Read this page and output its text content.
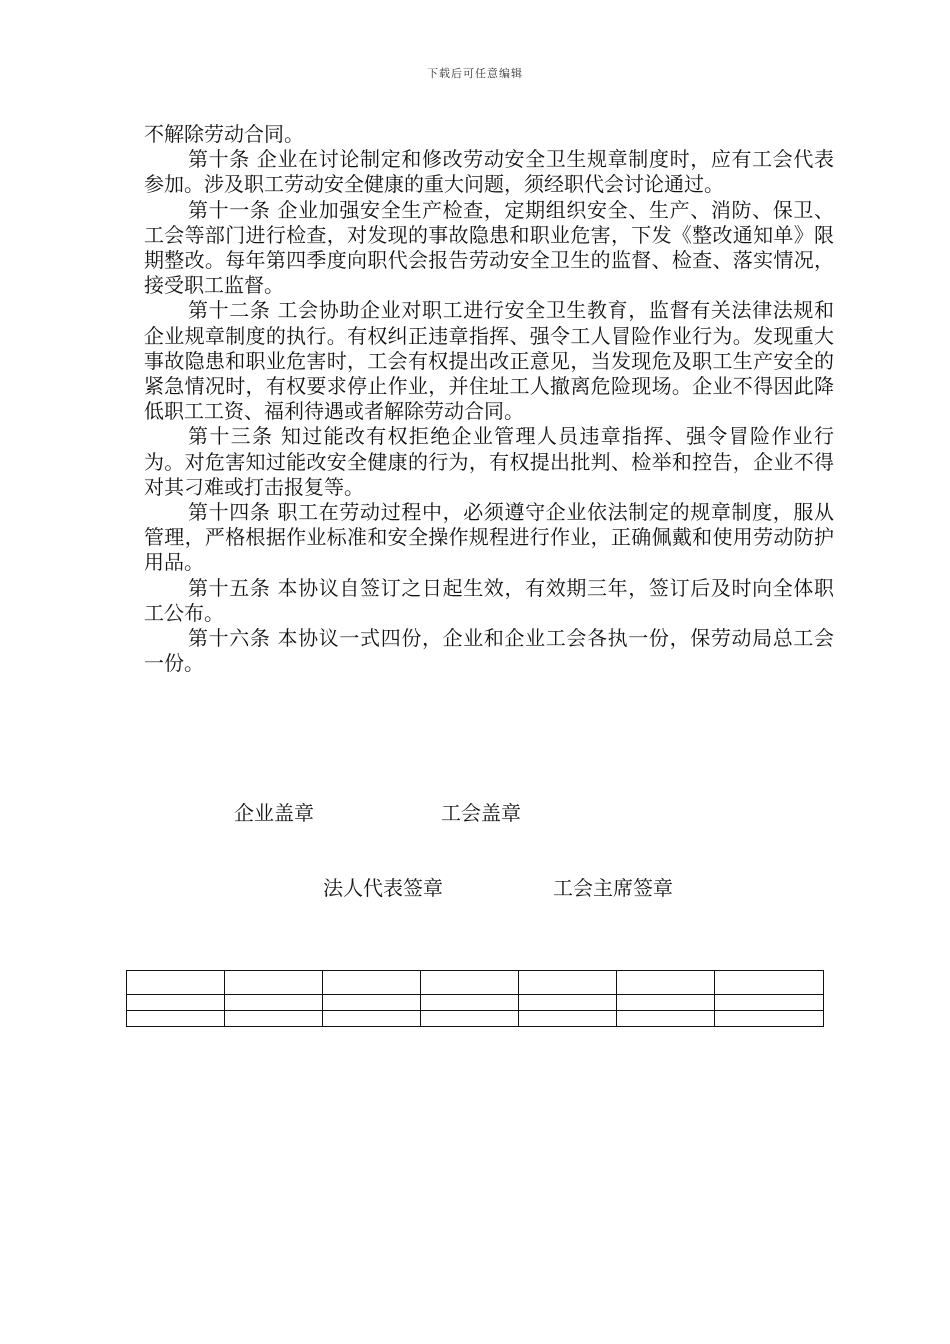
下载后可任意编辑

不解除劳动合同。

第十条 企业在讨论制定和修改劳动安全卫生规章制度时，应有工会代表参加。涉及职工劳动安全健康的重大问题，须经职代会讨论通过。

第十一条 企业加强安全生产检查，定期组织安全、生产、消防、保卫、工会等部门进行检查，对发现的事故隐患和职业危害，下发《整改通知单》限期整改。每年第四季度向职代会报告劳动安全卫生的监督、检查、落实情况，接受职工监督。

第十二条 工会协助企业对职工进行安全卫生教育，监督有关法律法规和企业规章制度的执行。有权纠正违章指挥、强令工人冒险作业行为。发现重大事故隐患和职业危害时，工会有权提出改正意见，当发现危及职工生产安全的紧急情况时，有权要求停止作业，并住址工人撤离危险现场。企业不得因此降低职工工资、福利待遇或者解除劳动合同。

第十三条 知过能改有权拒绝企业管理人员违章指挥、强令冒险作业行为。对危害知过能改安全健康的行为，有权提出批判、检举和控告，企业不得对其刁难或打击报复等。

第十四条 职工在劳动过程中，必须遵守企业依法制定的规章制度，服从管理，严格根据作业标准和安全操作规程进行作业，正确佩戴和使用劳动防护用品。

第十五条 本协议自签订之日起生效，有效期三年，签订后及时向全体职工公布。

第十六条 本协议一式四份，企业和企业工会各执一份，保劳动局总工会一份。

企业盖章	工会盖章
法人代表签章	工会主席签章
